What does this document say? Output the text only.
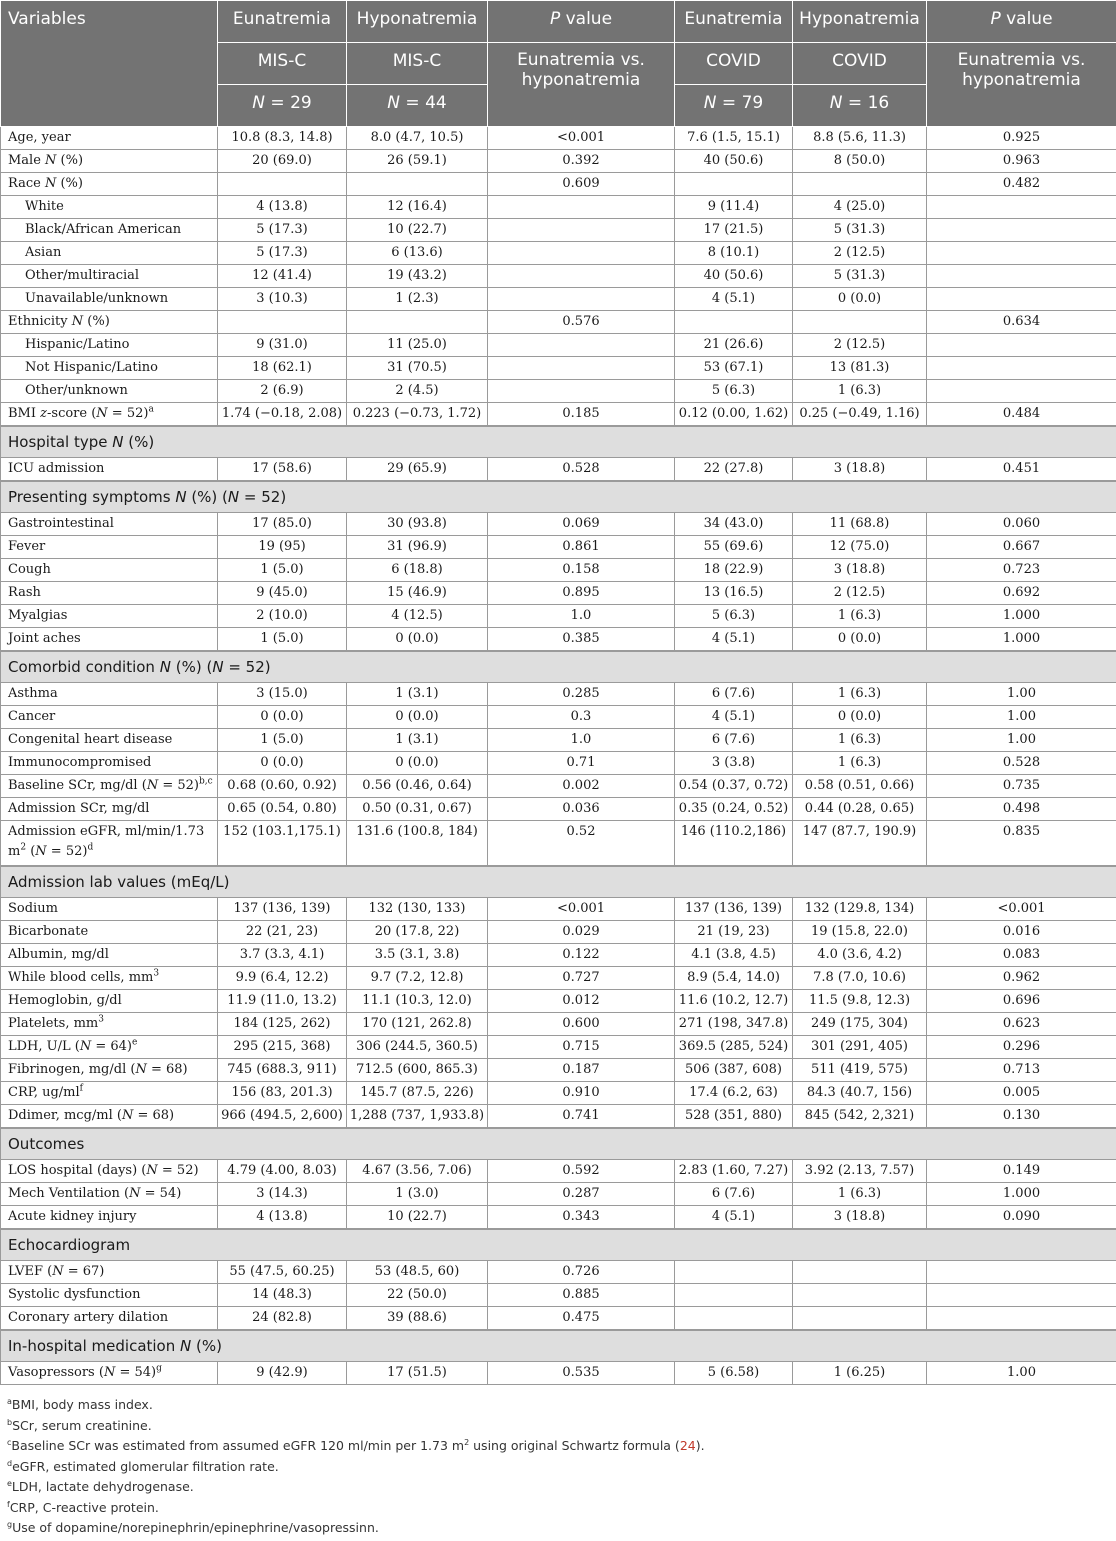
Variables	Eunatremia	Hyponatremia	P value	Eunatremia	Hyponatremia	P value
	MIS-C	MIS-C	Eunatremia vs. hyponatremia	COVID	COVID	Eunatremia vs. hyponatremia
	N = 29	N = 44		N = 79	N = 16	
Age, year	10.8 (8.3, 14.8)	8.0 (4.7, 10.5)	<0.001	7.6 (1.5, 15.1)	8.8 (5.6, 11.3)	0.925
Male N (%)	20 (69.0)	26 (59.1)	0.392	40 (50.6)	8 (50.0)	0.963
Race N (%)			0.609			0.482
White	4 (13.8)	12 (16.4)		9 (11.4)	4 (25.0)	
Black/African American	5 (17.3)	10 (22.7)		17 (21.5)	5 (31.3)	
Asian	5 (17.3)	6 (13.6)		8 (10.1)	2 (12.5)	
Other/multiracial	12 (41.4)	19 (43.2)		40 (50.6)	5 (31.3)	
Unavailable/unknown	3 (10.3)	1 (2.3)		4 (5.1)	0 (0.0)	
Ethnicity N (%)			0.576			0.634
Hispanic/Latino	9 (31.0)	11 (25.0)		21 (26.6)	2 (12.5)	
Not Hispanic/Latino	18 (62.1)	31 (70.5)		53 (67.1)	13 (81.3)	
Other/unknown	2 (6.9)	2 (4.5)		5 (6.3)	1 (6.3)	
BMI z-score (N = 52)$^a$	1.74 (−0.18, 2.08)	0.223 (−0.73, 1.72)	0.185	0.12 (0.00, 1.62)	0.25 (−0.49, 1.16)	0.484
Hospital type N (%)						
ICU admission	17 (58.6)	29 (65.9)	0.528	22 (27.8)	3 (18.8)	0.451
Presenting symptoms N (%) (N = 52)						
Gastrointestinal	17 (85.0)	30 (93.8)	0.069	34 (43.0)	11 (68.8)	0.060
Fever	19 (95)	31 (96.9)	0.861	55 (69.6)	12 (75.0)	0.667
Cough	1 (5.0)	6 (18.8)	0.158	18 (22.9)	3 (18.8)	0.723
Rash	9 (45.0)	15 (46.9)	0.895	13 (16.5)	2 (12.5)	0.692
Myalgias	2 (10.0)	4 (12.5)	1.0	5 (6.3)	1 (6.3)	1.000
Joint aches	1 (5.0)	0 (0.0)	0.385	4 (5.1)	0 (0.0)	1.000
Comorbid condition N (%) (N = 52)						
Asthma	3 (15.0)	1 (3.1)	0.285	6 (7.6)	1 (6.3)	1.00
Cancer	0 (0.0)	0 (0.0)	0.3	4 (5.1)	0 (0.0)	1.00
Congenital heart disease	1 (5.0)	1 (3.1)	1.0	6 (7.6)	1 (6.3)	1.00
Immunocompromised	0 (0.0)	0 (0.0)	0.71	3 (3.8)	1 (6.3)	0.528
Baseline SCr, mg/dl (N = 52)$^{b,c}$	0.68 (0.60, 0.92)	0.56 (0.46, 0.64)	0.002	0.54 (0.37, 0.72)	0.58 (0.51, 0.66)	0.735
Admission SCr, mg/dl	0.65 (0.54, 0.80)	0.50 (0.31, 0.67)	0.036	0.35 (0.24, 0.52)	0.44 (0.28, 0.65)	0.498
Admission eGFR, ml/min/1.73 $m^2$ (N = 52)$^d$	152 (103.1,175.1)	131.6 (100.8, 184)	0.52	146 (110.2,186)	147 (87.7, 190.9)	0.835
Admission lab values (mEq/L)						
Sodium	137 (136, 139)	132 (130, 133)	<0.001	137 (136, 139)	132 (129.8, 134)	<0.001
Bicarbonate	22 (21, 23)	20 (17.8, 22)	0.029	21 (19, 23)	19 (15.8, 22.0)	0.016
Albumin, mg/dl	3.7 (3.3, 4.1)	3.5 (3.1, 3.8)	0.122	4.1 (3.8, 4.5)	4.0 (3.6, 4.2)	0.083
While blood cells, $mm^3$	9.9 (6.4, 12.2)	9.7 (7.2, 12.8)	0.727	8.9 (5.4, 14.0)	7.8 (7.0, 10.6)	0.962
Hemoglobin, g/dl	11.9 (11.0, 13.2)	11.1 (10.3, 12.0)	0.012	11.6 (10.2, 12.7)	11.5 (9.8, 12.3)	0.696
Platelets, $mm^3$	184 (125, 262)	170 (121, 262.8)	0.600	271 (198, 347.8)	249 (175, 304)	0.623
LDH, U/L (N = 64)$^e$	295 (215, 368)	306 (244.5, 360.5)	0.715	369.5 (285, 524)	301 (291, 405)	0.296
Fibrinogen, mg/dl (N = 68)	745 (688.3, 911)	712.5 (600, 865.3)	0.187	506 (387, 608)	511 (419, 575)	0.713
CRP, $ug/ml^f$	156 (83, 201.3)	145.7 (87.5, 226)	0.910	17.4 (6.2, 63)	84.3 (40.7, 156)	0.005
Ddimer, mcg/ml (N = 68)	966 (494.5, 2,600)	1,288 (737, 1,933.8)	0.741	528 (351, 880)	845 (542, 2,321)	0.130
Outcomes						
LOS hospital (days) (N = 52)	4.79 (4.00, 8.03)	4.67 (3.56, 7.06)	0.592	2.83 (1.60, 7.27)	3.92 (2.13, 7.57)	0.149
Mech Ventilation (N = 54)	3 (14.3)	1 (3.0)	0.287	6 (7.6)	1 (6.3)	1.000
Acute kidney injury	4 (13.8)	10 (22.7)	0.343	4 (5.1)	3 (18.8)	0.090
Echocardiogram						
LVEF (N = 67)	55 (47.5, 60.25)	53 (48.5, 60)	0.726			
Systolic dysfunction	14 (48.3)	22 (50.0)	0.885			
Coronary artery dilation	24 (82.8)	39 (88.6)	0.475			
In-hospital medication N (%)						
Vasopressors (N = 54)$^g$	9 (42.9)	17 (51.5)	0.535	5 (6.58)	1 (6.25)	1.00
$^a$BMI, body mass index.
$^b$SCr, serum creatinine.
$^c$Baseline SCr was estimated from assumed eGFR 120 ml/min per 1.73 $m^2$ using original Schwartz formula (24).
$^d$eGFR, estimated glomerular filtration rate.
$^e$LDH, lactate dehydrogenase.
$^f$CRP, C-reactive protein.
$^g$Use of dopamine/norepinephrin/epinephrine/vasopressinn.
